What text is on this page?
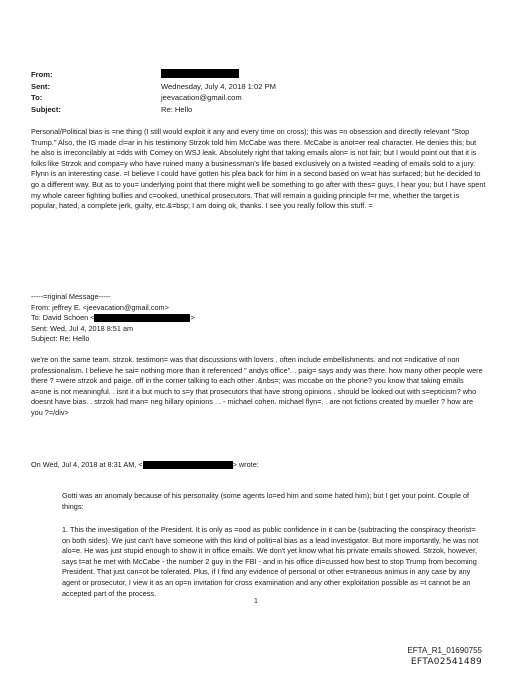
From:
Sent:	Wednesday, July 4, 2018 1:02 PM
To:	jeevacation@gmail.com
Subject:	Re: Hello
Personal/Political bias is =ne thing (I still would exploit it any and every time on cross); this was =n obsession and directly relevant "Stop Trump." Also, the IG made cl=ar in his testimony Strzok told him McCabe was there. McCabe is anot=er real character. He denies this; but he also is irreconcilably at =dds with Comey on WSJ leak. Absolutely right that taking emails alon= is not fair; but I would point out that it is folks like Strzok and compa=y who have ruined many a businessman's life based exclusively on a twisted =eading of emails sold to a jury. Flynn is an interesting case. =I believe I could have gotten his plea back for him in a second based on w=at has surfaced; but he decided to go a different way. But as to you= underlying point that there might well be something to go after with thes= guys, I hear you; but I have spent my whole career fighting bullies and c=ooked, unethical prosecutors. That will remain a guiding principle f=r me, whether the target is popular, hated, a complete jerk, guilty, etc.&=bsp; I am doing ok, thanks. I see you really follow this stuff. =
-----=riginal Message-----
From: jeffrey E. <jeevacation@gmail.com>
To: David Schoen <	>
Sent: Wed, Jul 4, 2018 8:51 am
Subject: Re: Hello
we're on the same team. strzok. testimon= was that discussions with lovers , often include embellishments. and not =ndicative of non professionalism. I believe he sai= nothing more than it referenced " andys office". . paig= says andy was there. how many other people were there ? =were strzok and paige. off in the corner talking to each other .&nbs=; was mccabe on the phone? you know that taking emails a=one is not meaningful. . isnt it a but much to s=y that prosecutors that have strong opinions . should be looked out with s=epticism? who doesnt have bias. . strzok had man= neg hillary opinions . . - michael cohen. michael flyn=. . are not fictions created by mueller ? how are you ?=/div>
On Wed, Jul 4, 2018 at 8:31 AM, <	> wrote:
Gotti was an anomaly because of his personality (some agents lo=ed him and some hated him); but I get your point. Couple of things:
1. This the investigation of the President. It is only as =ood as public confidence in it can be (subtracting the conspiracy theorist= on both sides). We just can't have someone with this kind of politi=al bias as a lead investigator. But more importantly, he was not alo=e. He was just stupid enough to show it in office emails. We don't yet know what his private emails showed. Strzok, however, says t=at he met with McCabe - the number 2 guy in the FBI - and in his office di=cussed how best to stop Trump from becoming President. That just can=ot be tolerated. Plus, if I find any evidence of personal or other e=traneous animus in any case by any agent or prosecutor, I view it as an op=n invitation for cross examination and any other exploitation possible as =t cannot be an accepted part of the process.
1
EFTA_R1_01690755
EFTA02541489
